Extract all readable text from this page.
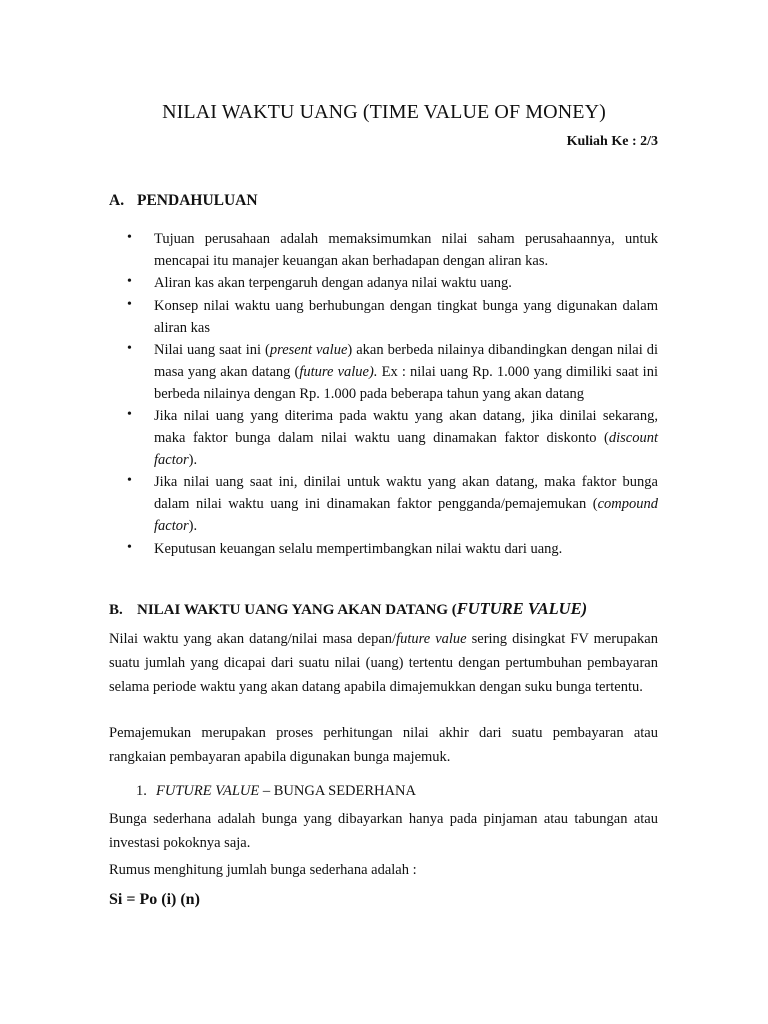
NILAI WAKTU UANG (TIME VALUE OF MONEY)
Kuliah Ke : 2/3
A. PENDAHULUAN
• Tujuan perusahaan adalah memaksimumkan nilai saham perusahaannya, untuk mencapai itu manajer keuangan akan berhadapan dengan aliran kas.
• Aliran kas akan terpengaruh dengan adanya nilai waktu uang.
• Konsep nilai waktu uang berhubungan dengan tingkat bunga yang digunakan dalam aliran kas
• Nilai uang saat ini (present value) akan berbeda nilainya dibandingkan dengan nilai di masa yang akan datang (future value). Ex : nilai uang Rp. 1.000 yang dimiliki saat ini berbeda nilainya dengan Rp. 1.000 pada beberapa tahun yang akan datang
• Jika nilai uang yang diterima pada waktu yang akan datang, jika dinilai sekarang, maka faktor bunga dalam nilai waktu uang dinamakan faktor diskonto (discount factor).
• Jika nilai uang saat ini, dinilai untuk waktu yang akan datang, maka faktor bunga dalam nilai waktu uang ini dinamakan faktor pengganda/pemajemukan (compound factor).
• Keputusan keuangan selalu mempertimbangkan nilai waktu dari uang.
B. NILAI WAKTU UANG YANG AKAN DATANG (FUTURE VALUE)

Nilai waktu yang akan datang/nilai masa depan/future value sering disingkat FV merupakan suatu jumlah yang dicapai dari suatu nilai (uang) tertentu dengan pertumbuhan pembayaran selama periode waktu yang akan datang apabila dimajemukkan dengan suku bunga tertentu.

Pemajemukan merupakan proses perhitungan nilai akhir dari suatu pembayaran atau rangkaian pembayaran apabila digunakan bunga majemuk.

1. FUTURE VALUE – BUNGA SEDERHANA

Bunga sederhana adalah bunga yang dibayarkan hanya pada pinjaman atau tabungan atau investasi pokoknya saja.

Rumus menghitung jumlah bunga sederhana adalah :

Si = Po (i) (n)
